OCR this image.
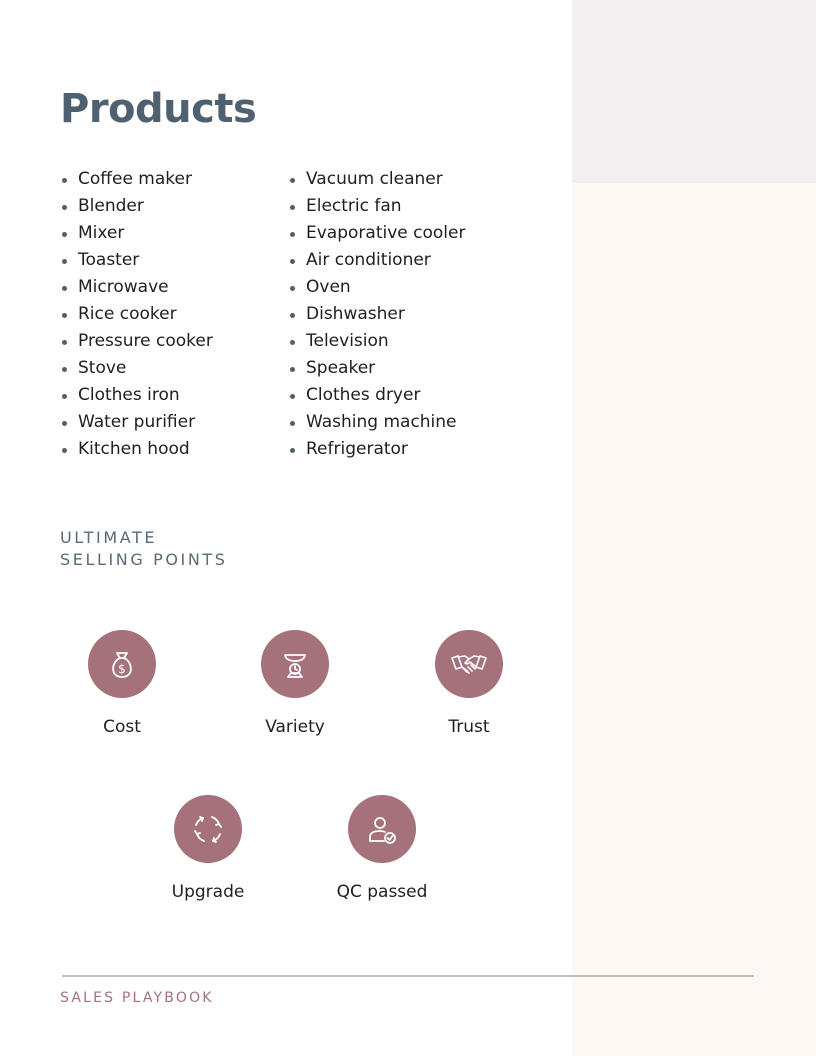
Products
Coffee maker
Blender
Mixer
Toaster
Microwave
Rice cooker
Pressure cooker
Stove
Clothes iron
Water purifier
Kitchen hood
Vacuum cleaner
Electric fan
Evaporative cooler
Air conditioner
Oven
Dishwasher
Television
Speaker
Clothes dryer
Washing machine
Refrigerator
ULTIMATE
SELLING POINTS
$
Cost	Variety	Trust
Upgrade	QC passed
SALES PLAYBOOK
